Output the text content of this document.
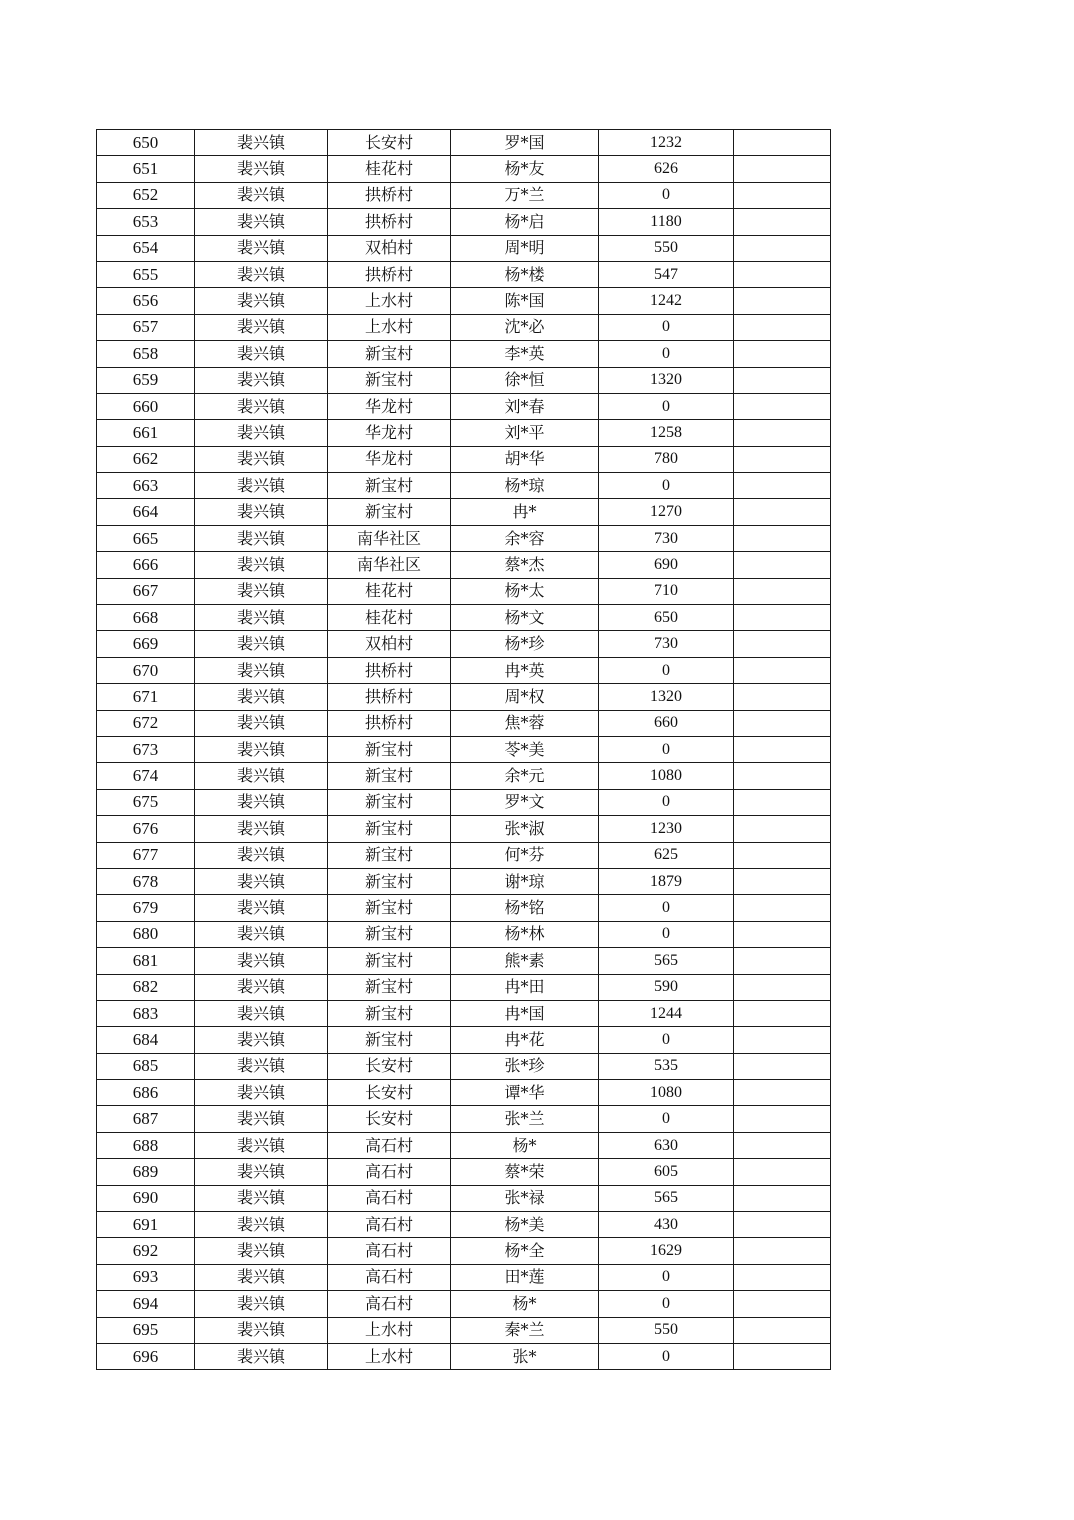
650	裴兴镇	长安村	罗*国	1232	
651	裴兴镇	桂花村	杨*友	626	
652	裴兴镇	拱桥村	万*兰	0	
653	裴兴镇	拱桥村	杨*启	1180	
654	裴兴镇	双柏村	周*明	550	
655	裴兴镇	拱桥村	杨*楼	547	
656	裴兴镇	上水村	陈*国	1242	
657	裴兴镇	上水村	沈*必	0	
658	裴兴镇	新宝村	李*英	0	
659	裴兴镇	新宝村	徐*恒	1320	
660	裴兴镇	华龙村	刘*春	0	
661	裴兴镇	华龙村	刘*平	1258	
662	裴兴镇	华龙村	胡*华	780	
663	裴兴镇	新宝村	杨*琼	0	
664	裴兴镇	新宝村	冉*	1270	
665	裴兴镇	南华社区	余*容	730	
666	裴兴镇	南华社区	蔡*杰	690	
667	裴兴镇	桂花村	杨*太	710	
668	裴兴镇	桂花村	杨*文	650	
669	裴兴镇	双柏村	杨*珍	730	
670	裴兴镇	拱桥村	冉*英	0	
671	裴兴镇	拱桥村	周*权	1320	
672	裴兴镇	拱桥村	焦*蓉	660	
673	裴兴镇	新宝村	苓*美	0	
674	裴兴镇	新宝村	余*元	1080	
675	裴兴镇	新宝村	罗*文	0	
676	裴兴镇	新宝村	张*淑	1230	
677	裴兴镇	新宝村	何*芬	625	
678	裴兴镇	新宝村	谢*琼	1879	
679	裴兴镇	新宝村	杨*铭	0	
680	裴兴镇	新宝村	杨*林	0	
681	裴兴镇	新宝村	熊*素	565	
682	裴兴镇	新宝村	冉*田	590	
683	裴兴镇	新宝村	冉*国	1244	
684	裴兴镇	新宝村	冉*花	0	
685	裴兴镇	长安村	张*珍	535	
686	裴兴镇	长安村	谭*华	1080	
687	裴兴镇	长安村	张*兰	0	
688	裴兴镇	高石村	杨*	630	
689	裴兴镇	高石村	蔡*荣	605	
690	裴兴镇	高石村	张*禄	565	
691	裴兴镇	高石村	杨*美	430	
692	裴兴镇	高石村	杨*全	1629	
693	裴兴镇	高石村	田*莲	0	
694	裴兴镇	高石村	杨*	0	
695	裴兴镇	上水村	秦*兰	550	
696	裴兴镇	上水村	张*	0	
